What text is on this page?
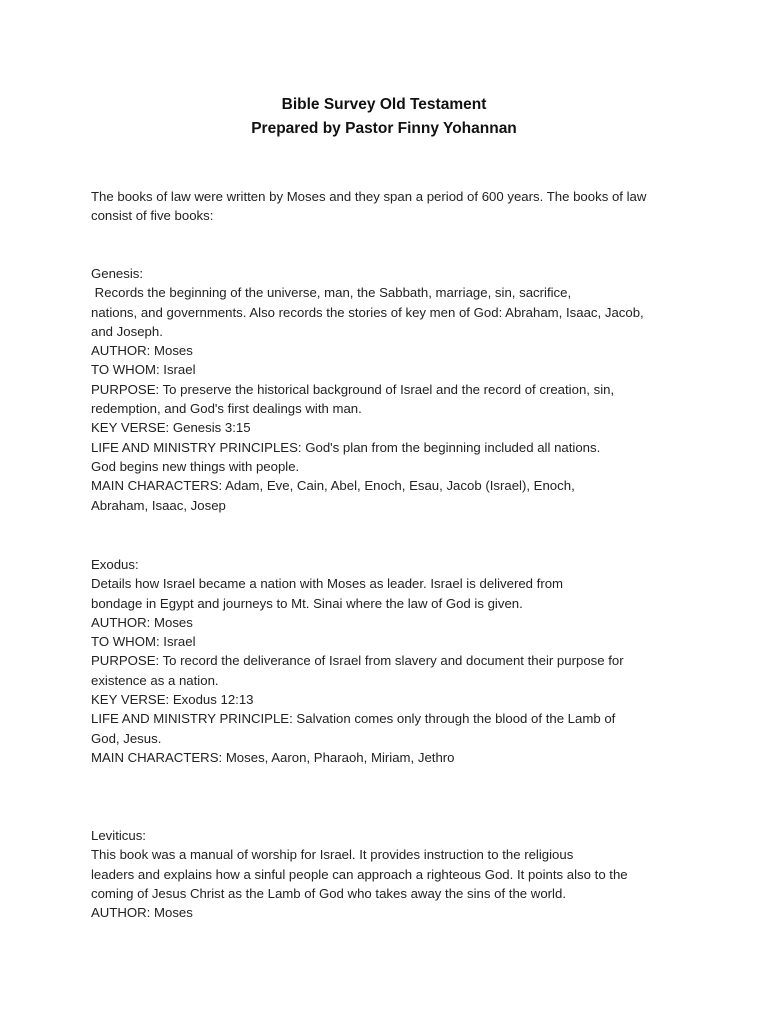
Bible Survey Old Testament
Prepared by Pastor Finny Yohannan
The books of law were written by Moses and they span a period of 600 years. The books of law
consist of five books:
Genesis:
Records the beginning of the universe, man, the Sabbath, marriage, sin, sacrifice,
nations, and governments. Also records the stories of key men of God: Abraham, Isaac, Jacob,
and Joseph.
AUTHOR: Moses
TO WHOM: Israel
PURPOSE: To preserve the historical background of Israel and the record of creation, sin,
redemption, and God's first dealings with man.
KEY VERSE: Genesis 3:15
LIFE AND MINISTRY PRINCIPLES: God's plan from the beginning included all nations.
God begins new things with people.
MAIN CHARACTERS: Adam, Eve, Cain, Abel, Enoch, Esau, Jacob (Israel), Enoch,
Abraham, Isaac, Josep
Exodus:
Details how Israel became a nation with Moses as leader. Israel is delivered from
bondage in Egypt and journeys to Mt. Sinai where the law of God is given.
AUTHOR: Moses
TO WHOM: Israel
PURPOSE: To record the deliverance of Israel from slavery and document their purpose for
existence as a nation.
KEY VERSE: Exodus 12:13
LIFE AND MINISTRY PRINCIPLE: Salvation comes only through the blood of the Lamb of
God, Jesus.
MAIN CHARACTERS: Moses, Aaron, Pharaoh, Miriam, Jethro
Leviticus:
This book was a manual of worship for Israel. It provides instruction to the religious
leaders and explains how a sinful people can approach a righteous God. It points also to the
coming of Jesus Christ as the Lamb of God who takes away the sins of the world.
AUTHOR: Moses
